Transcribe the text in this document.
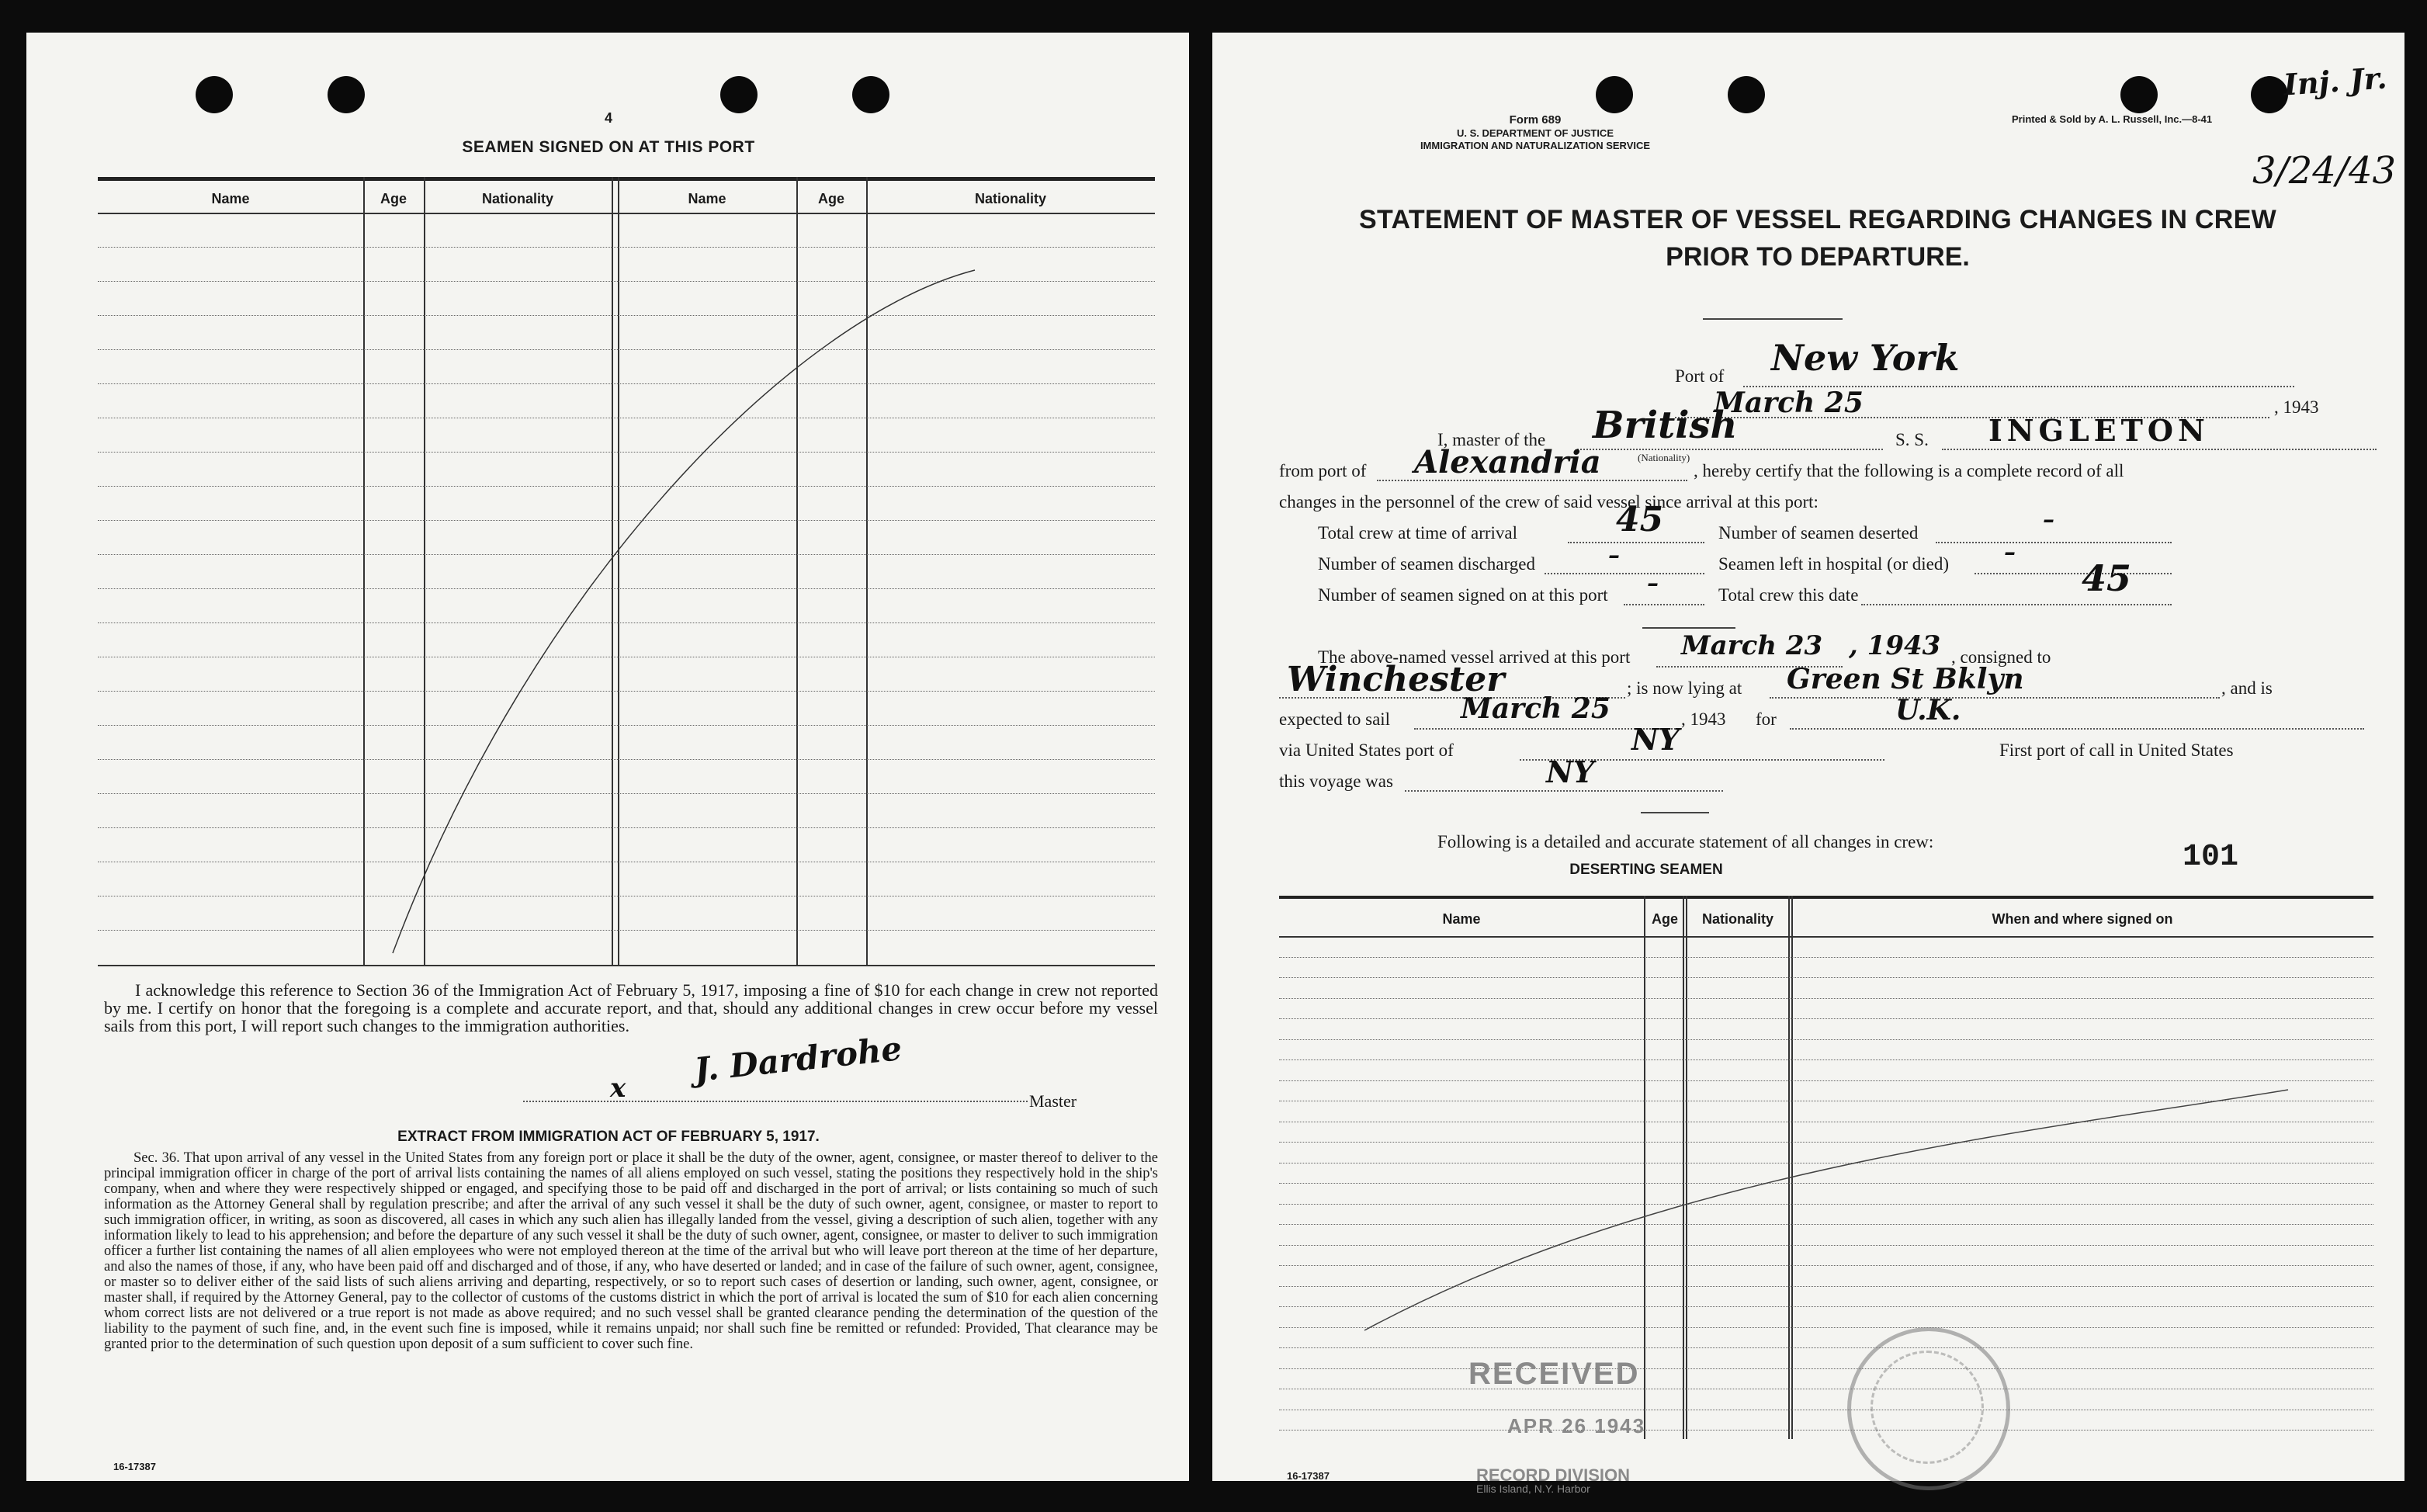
4
SEAMEN SIGNED ON AT THIS PORT
Name	Age	Nationality	Name	Age	Nationality
I acknowledge this reference to Section 36 of the Immigration Act of February 5, 1917, imposing a fine of $10 for each change in crew not reported by me. I certify on honor that the foregoing is a complete and accurate report, and that, should any additional changes in crew occur before my vessel sails from this port, I will report such changes to the immigration authorities.
J. Dardrohe
x	Master
EXTRACT FROM IMMIGRATION ACT OF FEBRUARY 5, 1917.
Sec. 36. That upon arrival of any vessel in the United States from any foreign port or place it shall be the duty of the owner, agent, consignee, or master thereof to deliver to the principal immigration officer in charge of the port of arrival lists containing the names of all aliens employed on such vessel, stating the positions they respectively hold in the ship's company, when and where they were respectively shipped or engaged, and specifying those to be paid off and discharged in the port of arrival; or lists containing so much of such information as the Attorney General shall by regulation prescribe; and after the arrival of any such vessel it shall be the duty of such owner, agent, consignee, or master to report to such immigration officer, in writing, as soon as discovered, all cases in which any such alien has illegally landed from the vessel, giving a description of such alien, together with any information likely to lead to his apprehension; and before the departure of any such vessel it shall be the duty of such owner, agent, consignee, or master to deliver to such immigration officer a further list containing the names of all alien employees who were not employed thereon at the time of the arrival but who will leave port thereon at the time of her departure, and also the names of those, if any, who have been paid off and discharged and of those, if any, who have deserted or landed; and in case of the failure of such owner, agent, consignee, or master so to deliver either of the said lists of such aliens arriving and departing, respectively, or so to report such cases of desertion or landing, such owner, agent, consignee, or master shall, if required by the Attorney General, pay to the collector of customs of the customs district in which the port of arrival is located the sum of $10 for each alien concerning whom correct lists are not delivered or a true report is not made as above required; and no such vessel shall be granted clearance pending the determination of the question of the liability to the payment of such fine, and, in the event such fine is imposed, while it remains unpaid; nor shall such fine be remitted or refunded: Provided, That clearance may be granted prior to the determination of such question upon deposit of a sum sufficient to cover such fine.
16-17387
Form 689
U. S. DEPARTMENT OF JUSTICE
IMMIGRATION AND NATURALIZATION SERVICE
Printed & Sold by A. L. Russell, Inc.—8-41
Inj. Jr.
3/24/43
STATEMENT OF MASTER OF VESSEL REGARDING CHANGES IN CREW
PRIOR TO DEPARTURE.
Port of New York
March 25	, 1943
I, master of the British	S. S. INGLETON
from port of Alexandria	(Nationality)
, hereby certify that the following is a complete record of all
changes in the personnel of the crew of said vessel since arrival at this port:
Total crew at time of arrival	45	Number of seamen deserted	–
Number of seamen discharged	–	Seamen left in hospital (or died) –
Number of seamen signed on at this port –	Total crew this date	45
The above-named vessel arrived at this port March 23 , 1943 , consigned to
Winchester	; is now lying at Green St Bklyn	, and is
expected to sail	March 25	, 1943 for	U.K.
via United States port of	NY	First port of call in United States
this voyage was	NY
Following is a detailed and accurate statement of all changes in crew:
DESERTING SEAMEN	101
Name	Age	Nationality	When and where signed on
RECEIVED
APR 26 1943
RECORD DIVISION
Ellis Island, N.Y. Harbor
16-17387
